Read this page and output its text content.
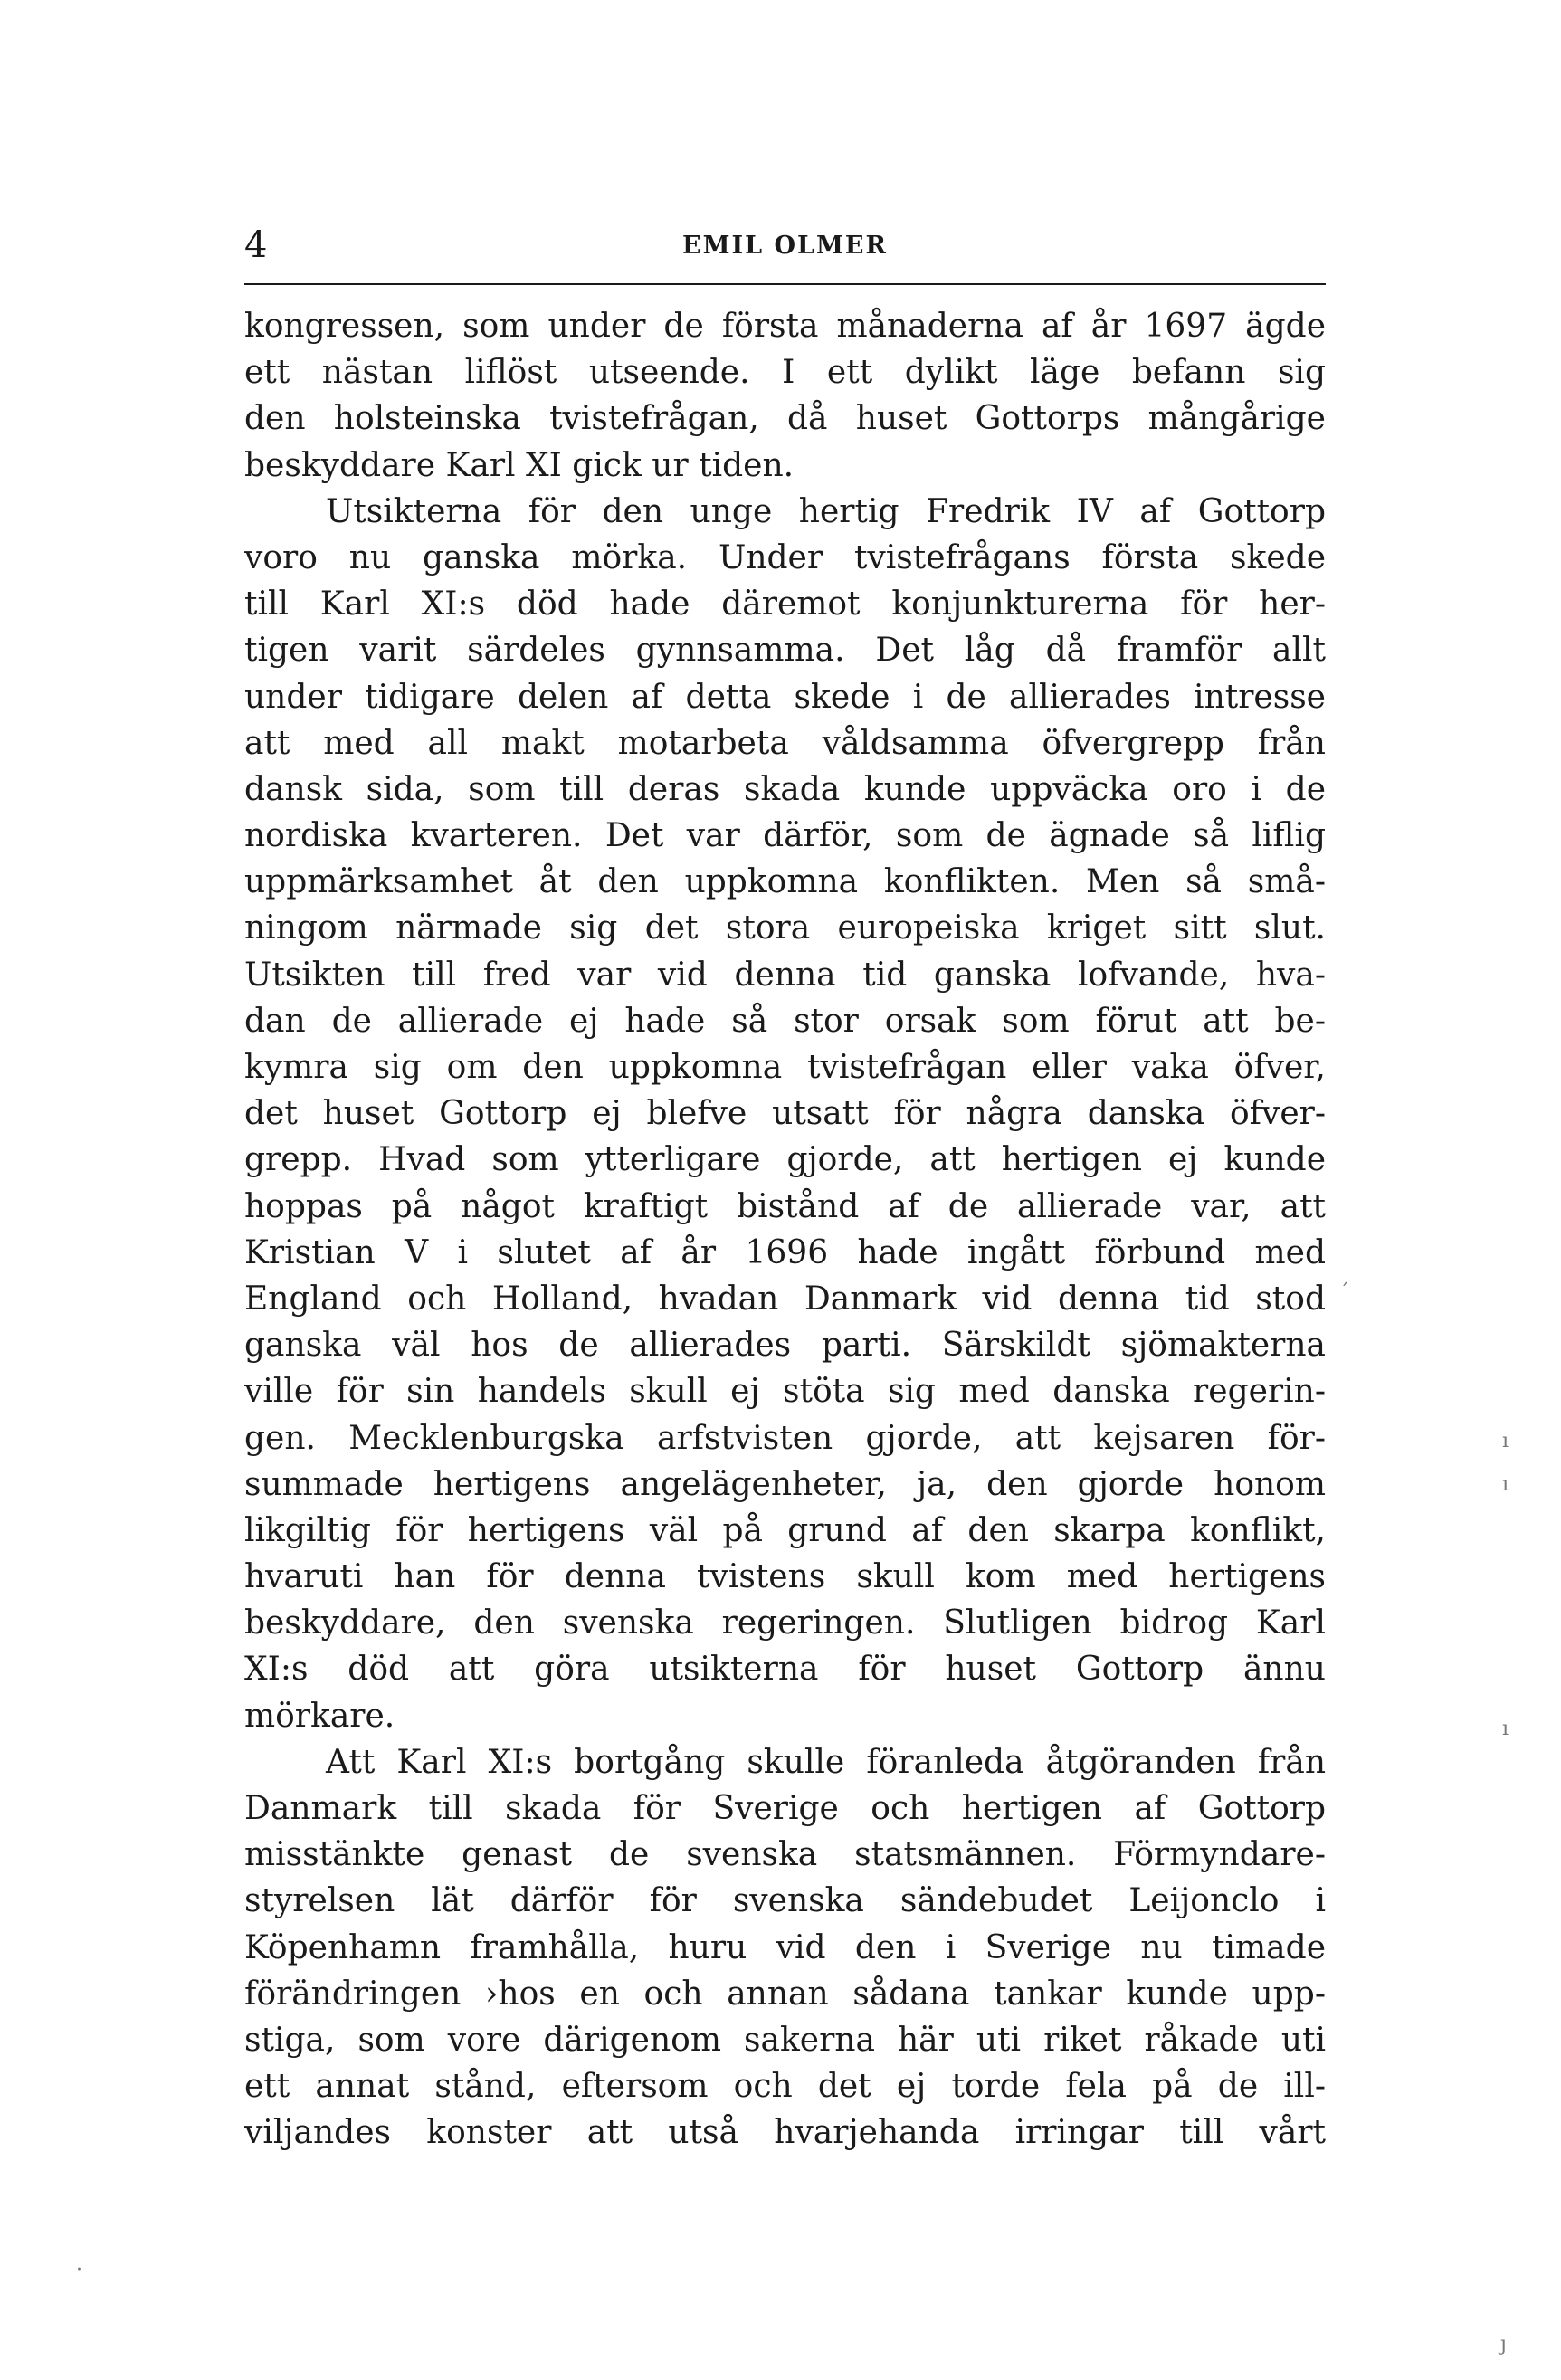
4	EMIL OLMER
kongressen, som under de första månaderna af år 1697 ägde
ett nästan liflöst utseende. I ett dylikt läge befann sig
den holsteinska tvistefrågan, då huset Gottorps mångårige
beskyddare Karl XI gick ur tiden.
Utsikterna för den unge hertig Fredrik IV af Gottorp
voro nu ganska mörka. Under tvistefrågans första skede
till Karl XI:s död hade däremot konjunkturerna för her-
tigen varit särdeles gynnsamma. Det låg då framför allt
under tidigare delen af detta skede i de allierades intresse
att med all makt motarbeta våldsamma öfvergrepp från
dansk sida, som till deras skada kunde uppväcka oro i de
nordiska kvarteren. Det var därför, som de ägnade så liflig
uppmärksamhet åt den uppkomna konflikten. Men så små-
ningom närmade sig det stora europeiska kriget sitt slut.
Utsikten till fred var vid denna tid ganska lofvande, hva-
dan de allierade ej hade så stor orsak som förut att be-
kymra sig om den uppkomna tvistefrågan eller vaka öfver,
det huset Gottorp ej blefve utsatt för några danska öfver-
grepp. Hvad som ytterligare gjorde, att hertigen ej kunde
hoppas på något kraftigt bistånd af de allierade var, att
Kristian V i slutet af år 1696 hade ingått förbund med
England och Holland, hvadan Danmark vid denna tid stod
ganska väl hos de allierades parti. Särskildt sjömakterna
ville för sin handels skull ej stöta sig med danska regerin-
gen. Mecklenburgska arfstvisten gjorde, att kejsaren för-
summade hertigens angelägenheter, ja, den gjorde honom
likgiltig för hertigens väl på grund af den skarpa konflikt,
hvaruti han för denna tvistens skull kom med hertigens
beskyddare, den svenska regeringen. Slutligen bidrog Karl
XI:s död att göra utsikterna för huset Gottorp ännu
mörkare.
Att Karl XI:s bortgång skulle föranleda åtgöranden från
Danmark till skada för Sverige och hertigen af Gottorp
misstänkte genast de svenska statsmännen. Förmyndare-
styrelsen lät därför för svenska sändebudet Leijonclo i
Köpenhamn framhålla, huru vid den i Sverige nu timade
förändringen ›hos en och annan sådana tankar kunde upp-
stiga, som vore därigenom sakerna här uti riket råkade uti
ett annat stånd, eftersom och det ej torde fela på de ill-
viljandes konster att utså hvarjehanda irringar till vårt
´
ı
ı
ı
ȷ
·
